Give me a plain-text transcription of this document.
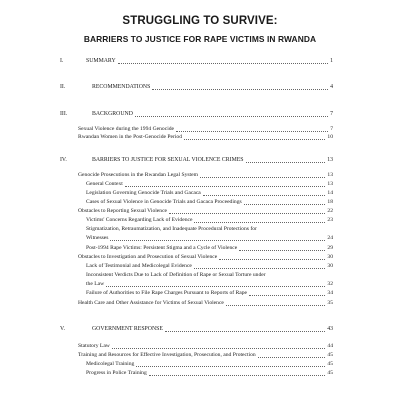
STRUGGLING TO SURVIVE:
BARRIERS TO JUSTICE FOR RAPE VICTIMS IN RWANDA
I.	SUMMARY	1
II.	RECOMMENDATIONS	4
III.	BACKGROUND	7
Sexual Violence during the 1994 Genocide	7
Rwandan Women in the Post-Genocide Period	10
IV.	BARRIERS TO JUSTICE FOR SEXUAL VIOLENCE CRIMES	13
Genocide Prosecutions in the Rwandan Legal System	13
General Context	13
Legislation Governing Genocide Trials and Gacaca	14
Cases of Sexual Violence in Genocide Trials and Gacaca Proceedings	18
Obstacles to Reporting Sexual Violence	22
Victims' Concerns Regarding Lack of Evidence	23
Stigmatization, Retraumatization, and Inadequate Procedural Protections for
Witnesses	24
Post-1994 Rape Victims: Persistent Stigma and a Cycle of Violence	29
Obstacles to Investigation and Prosecution of Sexual Violence	30
Lack of Testimonial and Medicolegal Evidence	30
Inconsistent Verdicts Due to Lack of Definition of Rape or Sexual Torture under
the Law	32
Failure of Authorities to File Rape Charges Pursuant to Reports of Rape	34
Health Care and Other Assistance for Victims of Sexual Violence	35
V.	GOVERNMENT RESPONSE	43
Statutory Law	44
Training and Resources for Effective Investigation, Prosecution, and Protection	45
Medicolegal Training	45
Progress in Police Training	45
